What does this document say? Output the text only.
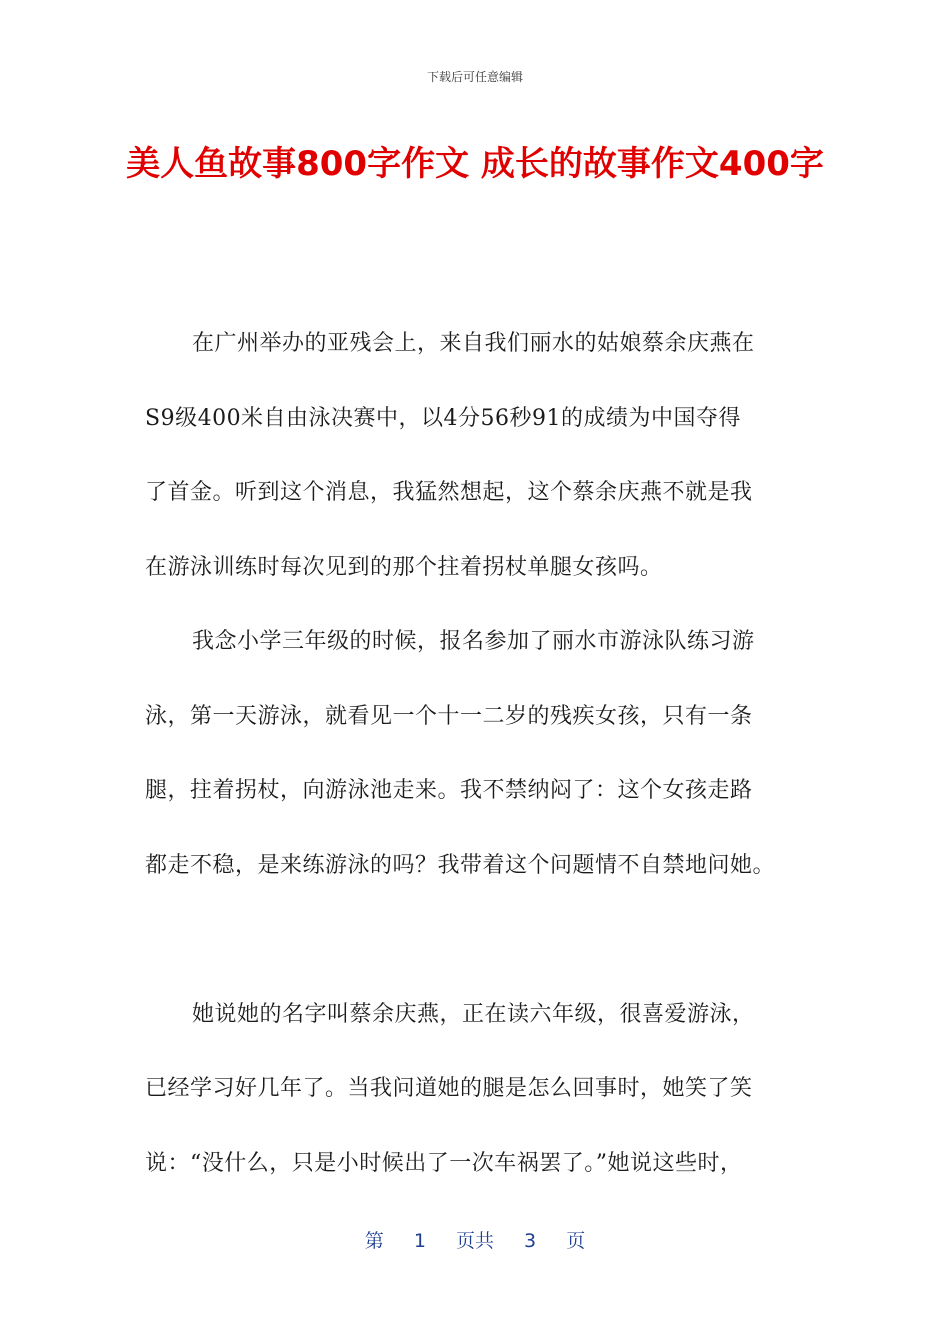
下载后可任意编辑
美人鱼故事800字作文 成长的故事作文400字
在广州举办的亚残会上，来自我们丽水的姑娘蔡余庆燕在
S9级400米自由泳决赛中，以4分56秒91的成绩为中国夺得
了首金。听到这个消息，我猛然想起，这个蔡余庆燕不就是我
在游泳训练时每次见到的那个拄着拐杖单腿女孩吗。
我念小学三年级的时候，报名参加了丽水市游泳队练习游
泳，第一天游泳，就看见一个十一二岁的残疾女孩，只有一条
腿，拄着拐杖，向游泳池走来。我不禁纳闷了：这个女孩走路
都走不稳，是来练游泳的吗？我带着这个问题情不自禁地问她。
她说她的名字叫蔡余庆燕，正在读六年级，很喜爱游泳，
已经学习好几年了。当我问道她的腿是怎么回事时，她笑了笑
说：“没什么，只是小时候出了一次车祸罢了。”她说这些时，
第 1 页共 3 页
